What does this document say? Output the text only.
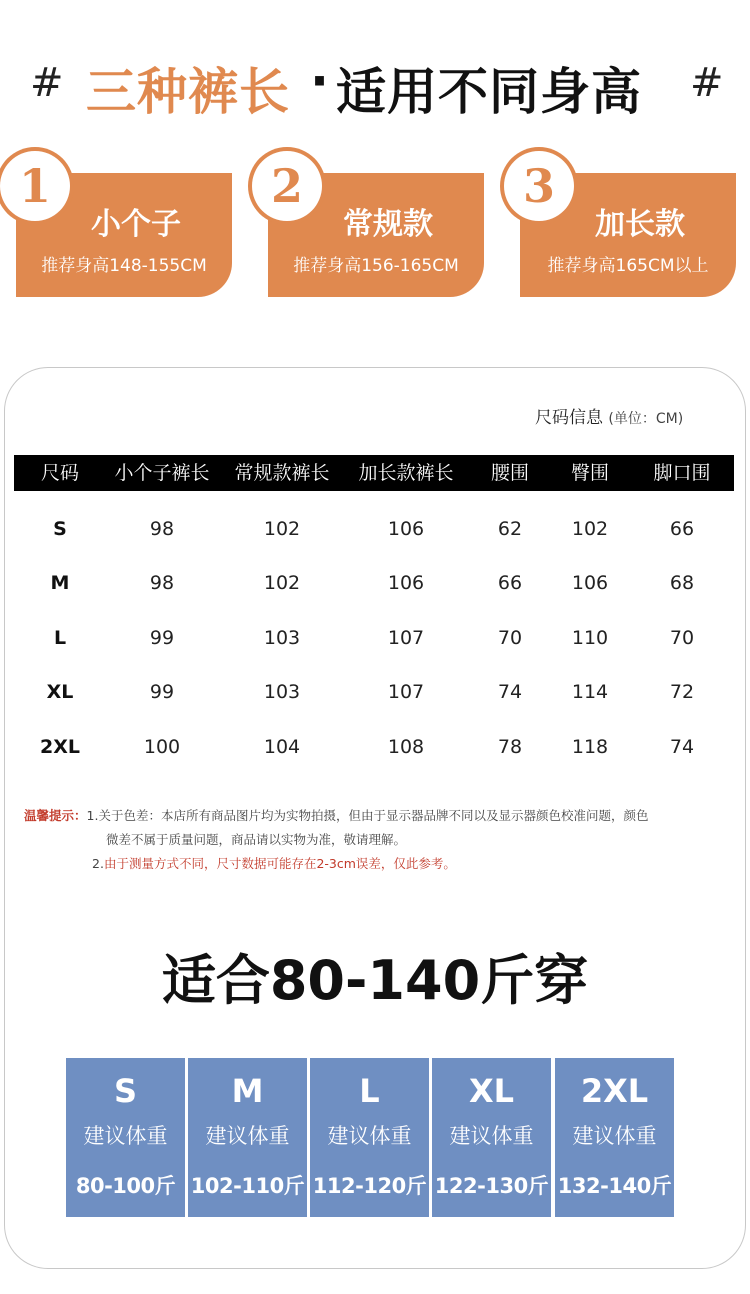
# 三种裤长 · 适用不同身高 #
1
小个子
推荐身高148-155CM
2
常规款
推荐身高156-165CM
3
加长款
推荐身高165CM以上
尺码信息 (单位：CM)
尺码	小个子裤长	常规款裤长	加长款裤长	腰围	臀围	脚口围
S	98	102	106	62	102	66
M	98	102	106	66	106	68
L	99	103	107	70	110	70
XL	99	103	107	74	114	72
2XL	100	104	108	78	118	74
温馨提示：1.关于色差：本店所有商品图片均为实物拍摄，但由于显示器品牌不同以及显示器颜色校准问题，颜色
微差不属于质量问题，商品请以实物为准，敬请理解。
2.由于测量方式不同，尺寸数据可能存在2-3cm误差，仅此参考。
适合80-140斤穿
S
建议体重
80-100斤
M
建议体重
102-110斤
L
建议体重
112-120斤
XL
建议体重
122-130斤
2XL
建议体重
132-140斤
